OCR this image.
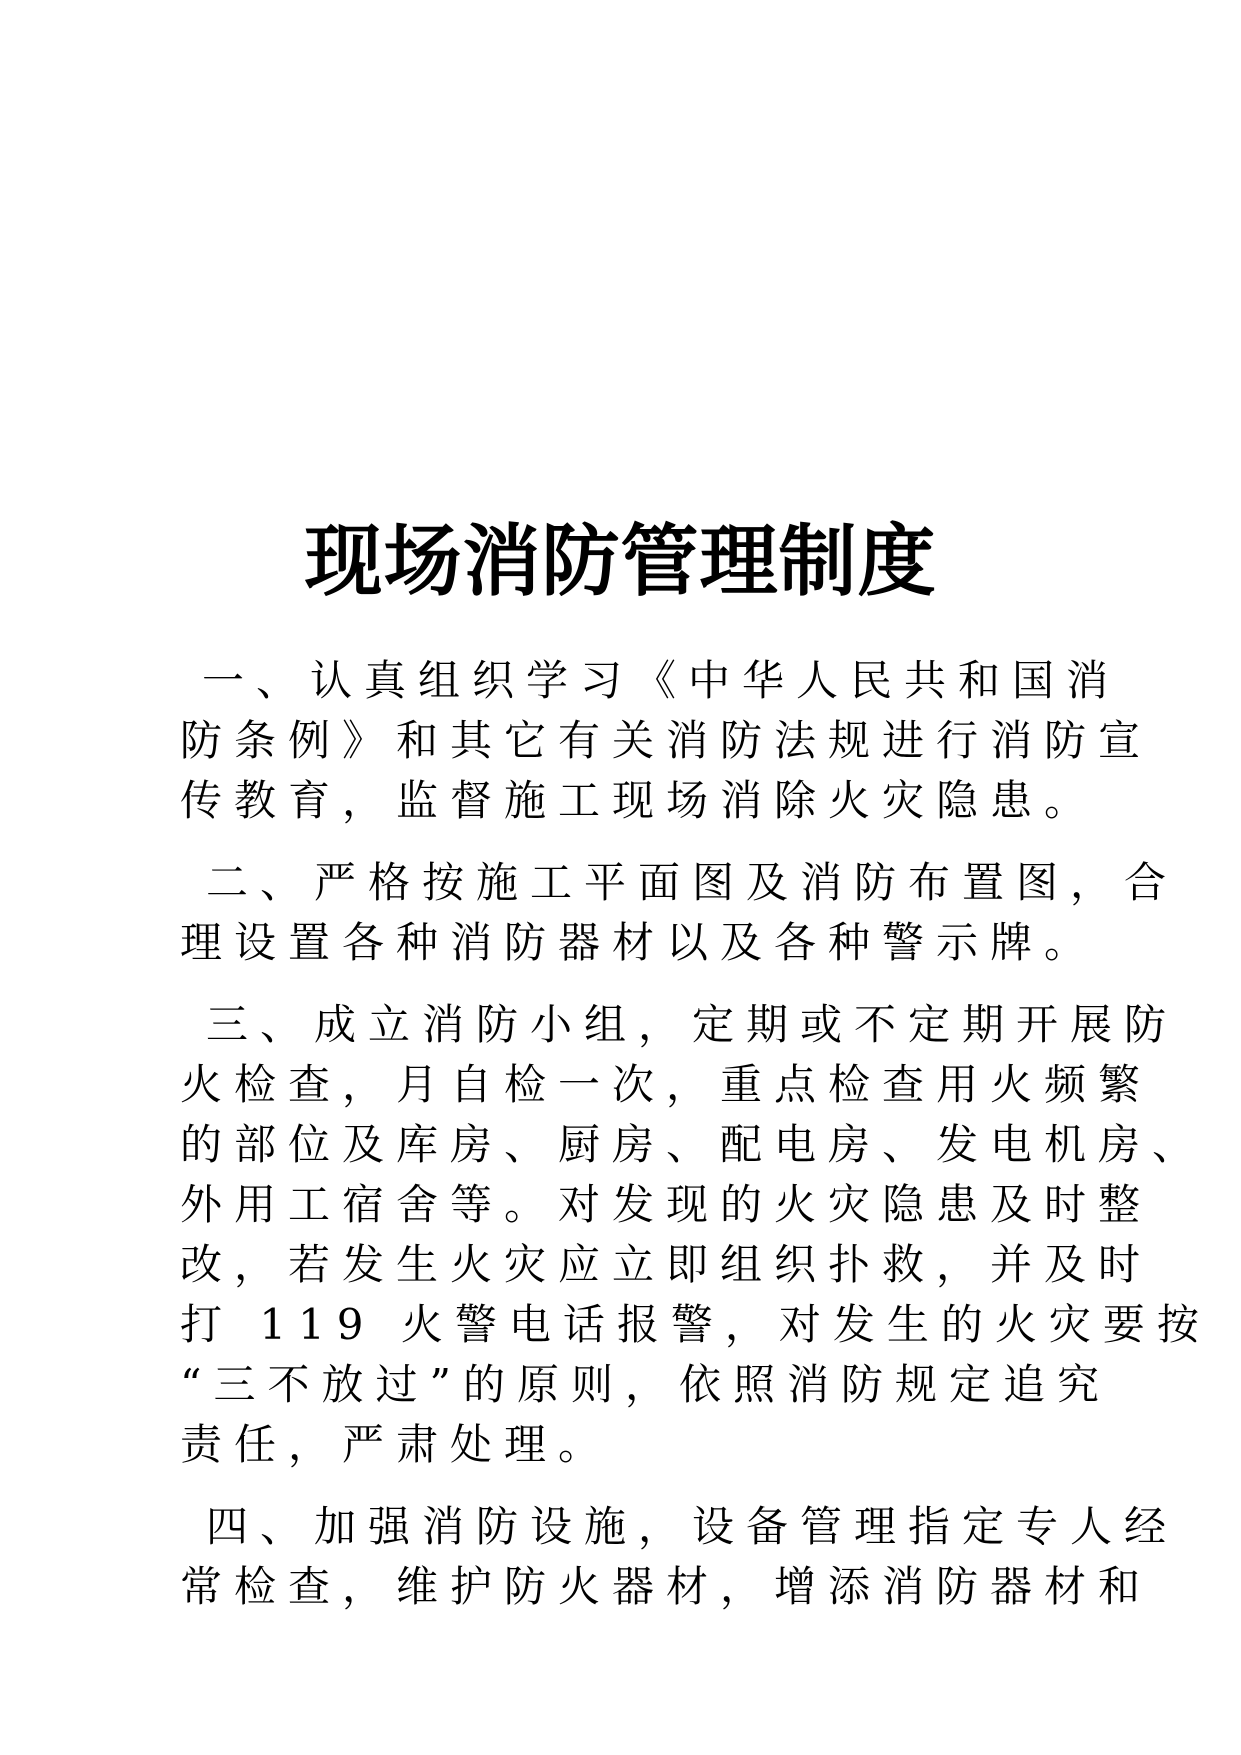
现场消防管理制度
一、认真组织学习《中华人民共和国消
防条例》和其它有关消防法规进行消防宣
传教育，监督施工现场消除火灾隐患。
二、严格按施工平面图及消防布置图，合
理设置各种消防器材以及各种警示牌。
三、成立消防小组，定期或不定期开展防
火检查，月自检一次，重点检查用火频繁
的部位及库房、厨房、配电房、发电机房、
外用工宿舍等。对发现的火灾隐患及时整
改，若发生火灾应立即组织扑救，并及时
打 119 火警电话报警，对发生的火灾要按
“三不放过”的原则，依照消防规定追究
责任，严肃处理。
四、加强消防设施，设备管理指定专人经
常检查，维护防火器材，增添消防器材和
